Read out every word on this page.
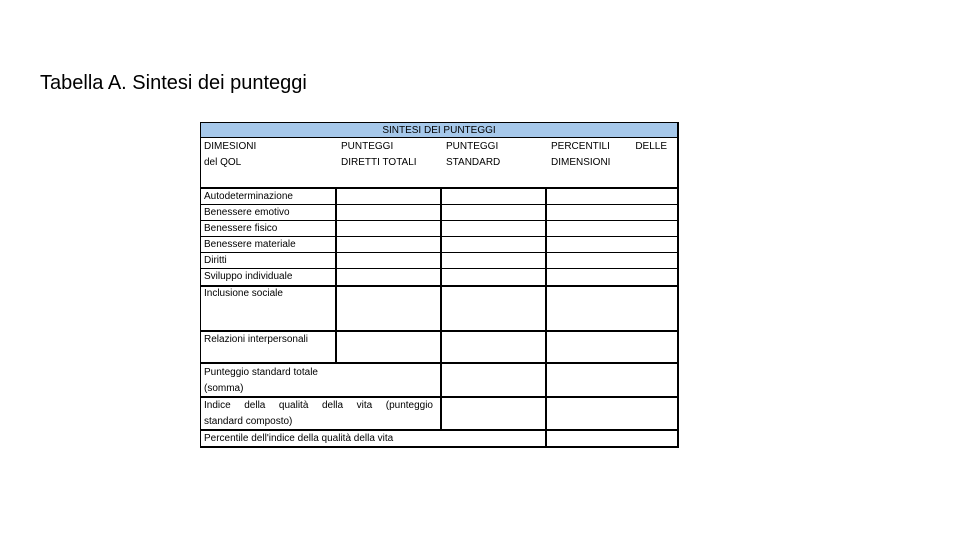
Tabella A. Sintesi dei punteggi
SINTESI DEI PUNTEGGI
DIMESIONI
del QOL
PUNTEGGI
DIRETTI TOTALI
PUNTEGGI
STANDARD
PERCENTILI	DELLE
DIMENSIONI
Autodeterminazione
Benessere emotivo
Benessere fisico
Benessere materiale
Diritti
Sviluppo individuale
Inclusione sociale
Relazioni interpersonali
Punteggio standard totale
(somma)
Indice della qualità della vita (punteggio
standard composto)
Percentile dell'indice della qualità della vita
